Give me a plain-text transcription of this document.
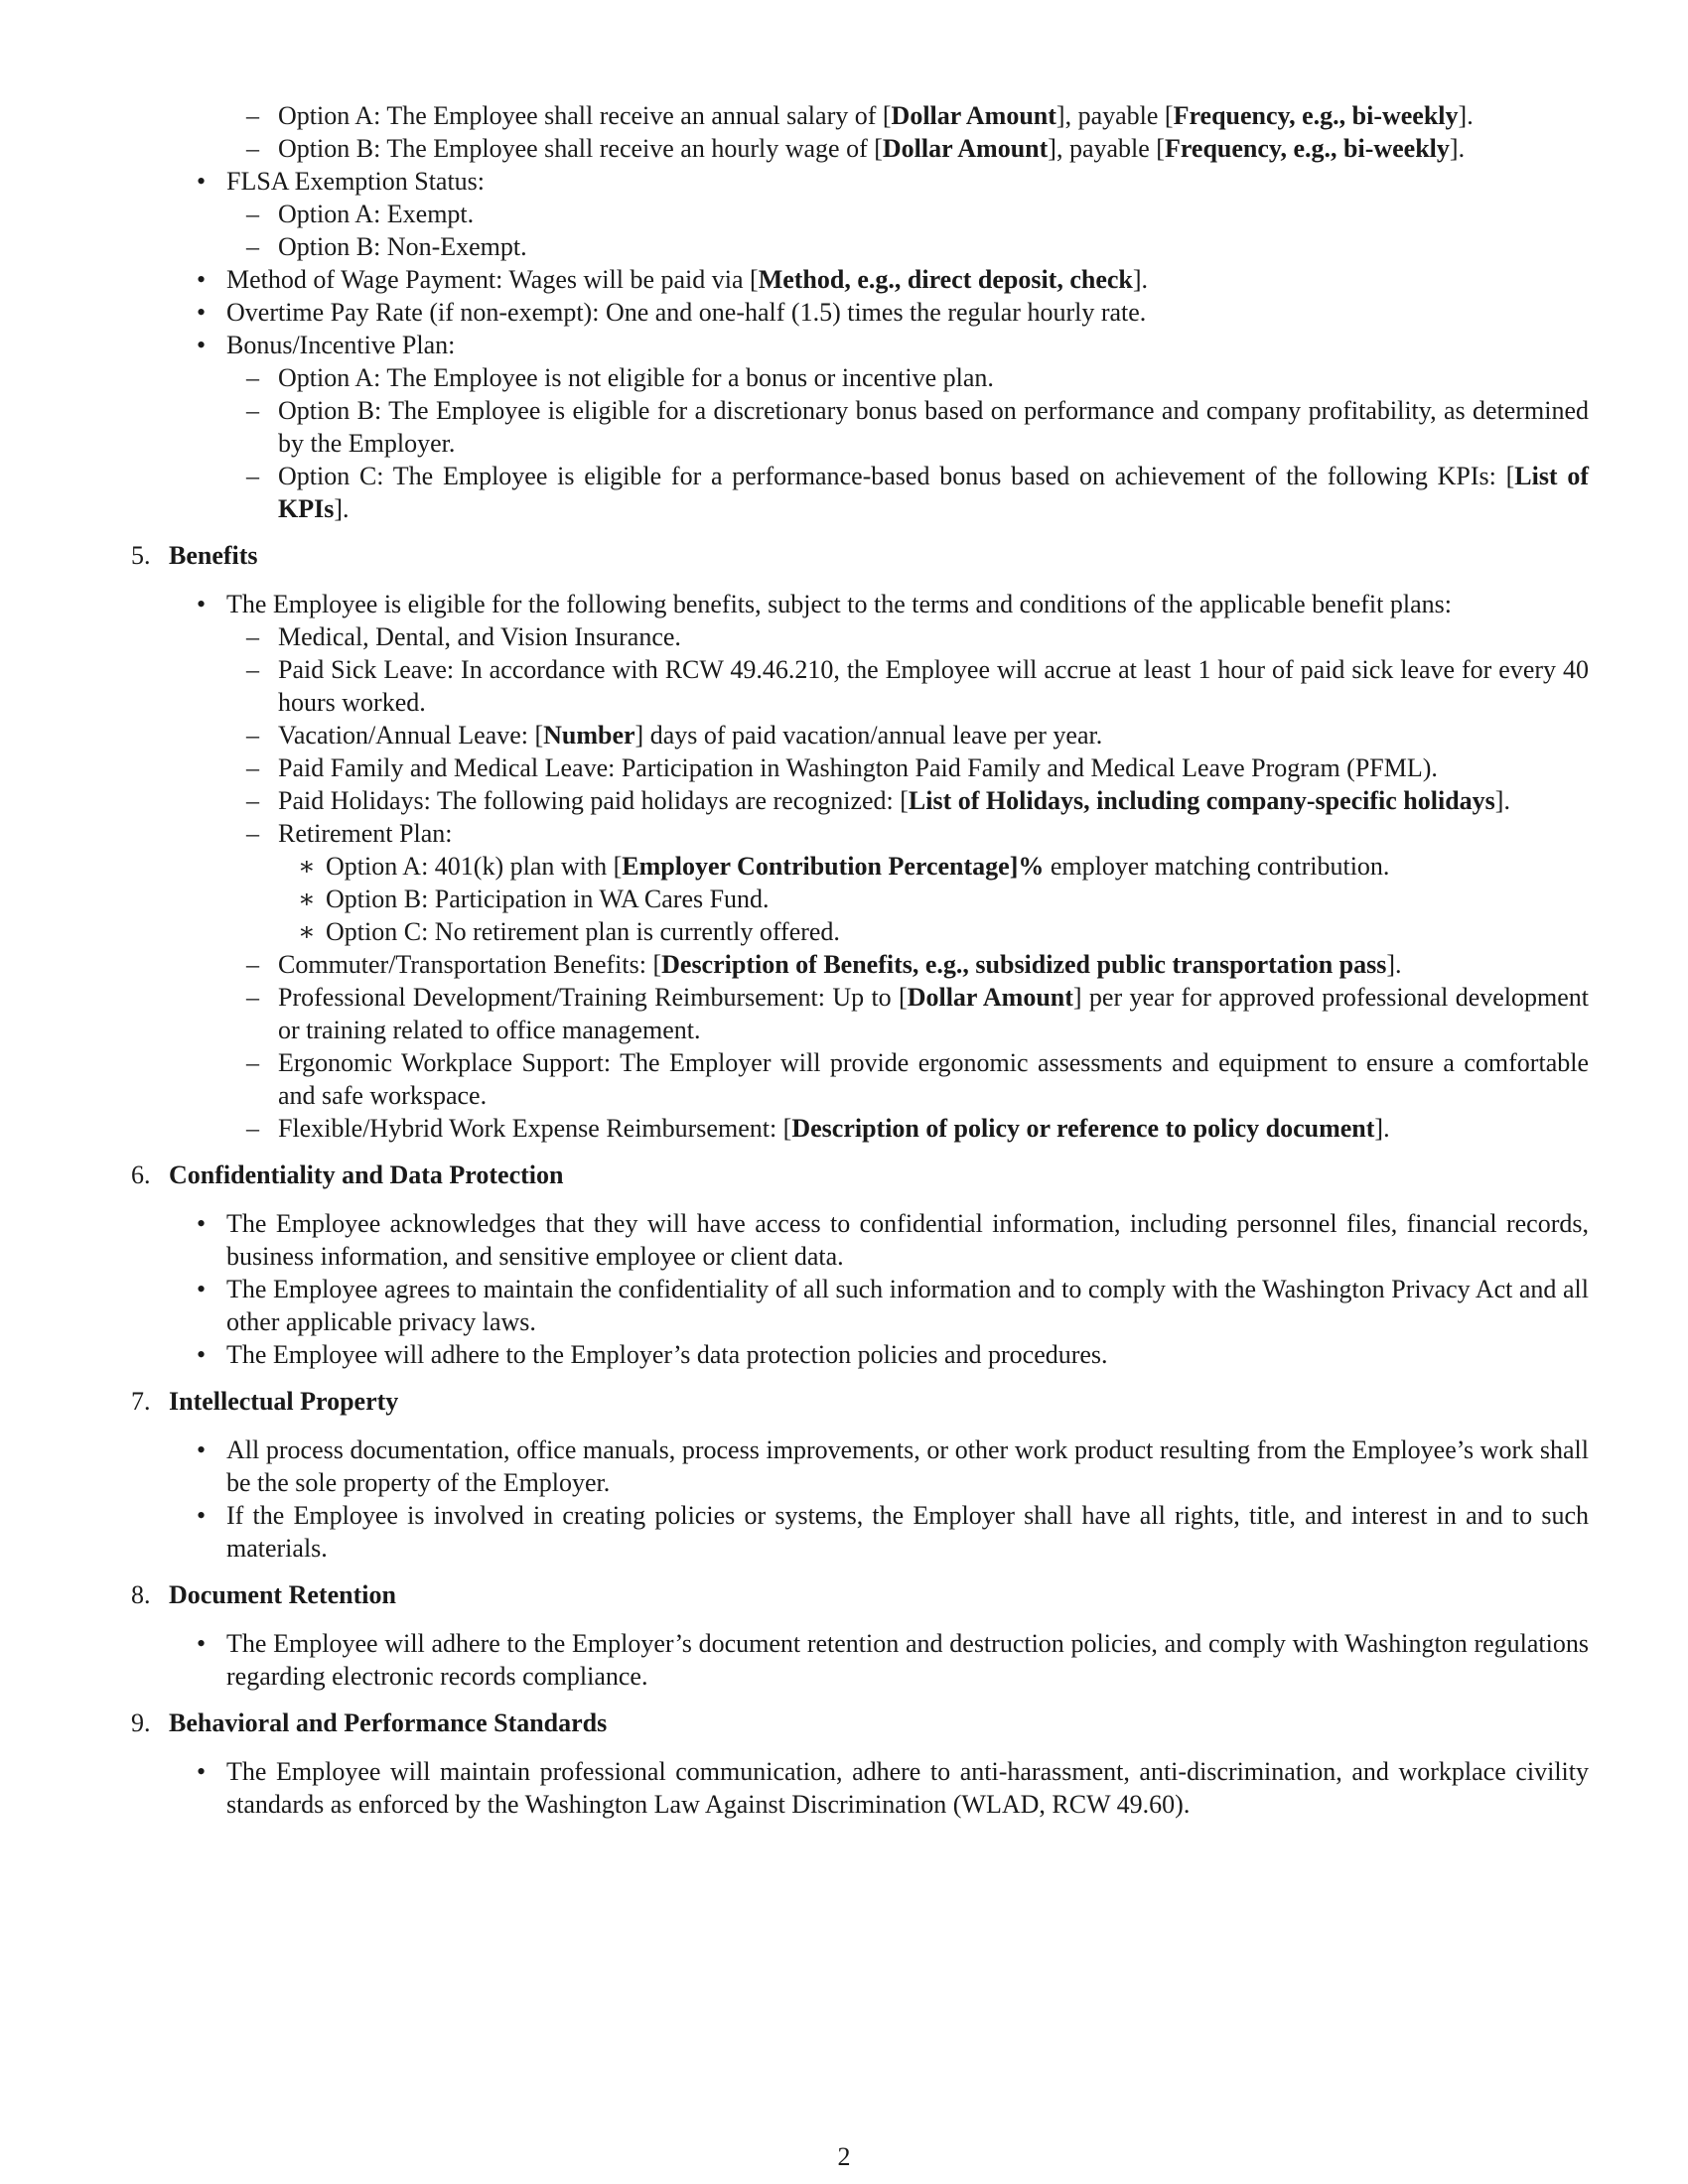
– Option A: The Employee shall receive an annual salary of [Dollar Amount], payable [Frequency, e.g., bi-weekly].
– Option B: The Employee shall receive an hourly wage of [Dollar Amount], payable [Frequency, e.g., bi-weekly].
• FLSA Exemption Status:
– Option A: Exempt.
– Option B: Non-Exempt.
• Method of Wage Payment: Wages will be paid via [Method, e.g., direct deposit, check].
• Overtime Pay Rate (if non-exempt): One and one-half (1.5) times the regular hourly rate.
• Bonus/Incentive Plan:
– Option A: The Employee is not eligible for a bonus or incentive plan.
– Option B: The Employee is eligible for a discretionary bonus based on performance and company profitability, as determined by the Employer.
– Option C: The Employee is eligible for a performance-based bonus based on achievement of the following KPIs: [List of KPIs].
5. Benefits
• The Employee is eligible for the following benefits, subject to the terms and conditions of the applicable benefit plans:
– Medical, Dental, and Vision Insurance.
– Paid Sick Leave: In accordance with RCW 49.46.210, the Employee will accrue at least 1 hour of paid sick leave for every 40 hours worked.
– Vacation/Annual Leave: [Number] days of paid vacation/annual leave per year.
– Paid Family and Medical Leave: Participation in Washington Paid Family and Medical Leave Program (PFML).
– Paid Holidays: The following paid holidays are recognized: [List of Holidays, including company-specific holidays].
– Retirement Plan:
∗ Option A: 401(k) plan with [Employer Contribution Percentage]% employer matching contribution.
∗ Option B: Participation in WA Cares Fund.
∗ Option C: No retirement plan is currently offered.
– Commuter/Transportation Benefits: [Description of Benefits, e.g., subsidized public transportation pass].
– Professional Development/Training Reimbursement: Up to [Dollar Amount] per year for approved professional development or training related to office management.
– Ergonomic Workplace Support: The Employer will provide ergonomic assessments and equipment to ensure a comfortable and safe workspace.
– Flexible/Hybrid Work Expense Reimbursement: [Description of policy or reference to policy document].
6. Confidentiality and Data Protection
• The Employee acknowledges that they will have access to confidential information, including personnel files, financial records, business information, and sensitive employee or client data.
• The Employee agrees to maintain the confidentiality of all such information and to comply with the Washington Privacy Act and all other applicable privacy laws.
• The Employee will adhere to the Employer’s data protection policies and procedures.
7. Intellectual Property
• All process documentation, office manuals, process improvements, or other work product resulting from the Employee’s work shall be the sole property of the Employer.
• If the Employee is involved in creating policies or systems, the Employer shall have all rights, title, and interest in and to such materials.
8. Document Retention
• The Employee will adhere to the Employer’s document retention and destruction policies, and comply with Washington regulations regarding electronic records compliance.
9. Behavioral and Performance Standards
• The Employee will maintain professional communication, adhere to anti-harassment, anti-discrimination, and workplace civility standards as enforced by the Washington Law Against Discrimination (WLAD, RCW 49.60).
2
